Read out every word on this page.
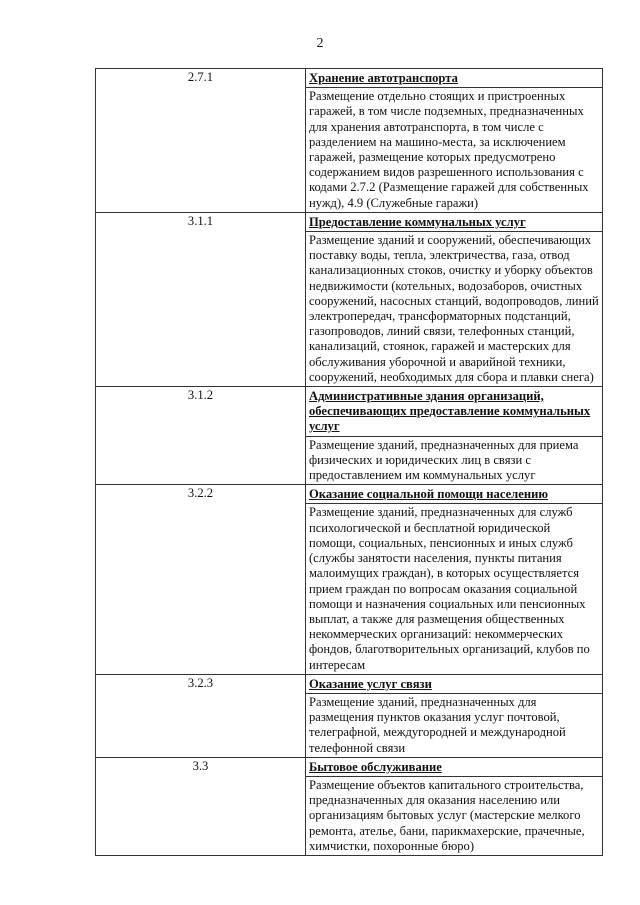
2
2.7.1	Хранение автотранспорта
Размещение отдельно стоящих и пристроенных гаражей, в том числе подземных, предназначенных для хранения автотранспорта, в том числе с разделением на машино-места, за исключением гаражей, размещение которых предусмотрено содержанием видов разрешенного использования с кодами 2.7.2 (Размещение гаражей для собственных нужд), 4.9 (Служебные гаражи)

3.1.1	Предоставление коммунальных услуг
Размещение зданий и сооружений, обеспечивающих поставку воды, тепла, электричества, газа, отвод канализационных стоков, очистку и уборку объектов недвижимости (котельных, водозаборов, очистных сооружений, насосных станций, водопроводов, линий электропередач, трансформаторных подстанций, газопроводов, линий связи, телефонных станций, канализаций, стоянок, гаражей и мастерских для обслуживания уборочной и аварийной техники, сооружений, необходимых для сбора и плавки снега)

3.1.2	Административные здания организаций, обеспечивающих предоставление коммунальных услуг
Размещение зданий, предназначенных для приема физических и юридических лиц в связи с предоставлением им коммунальных услуг

3.2.2	Оказание социальной помощи населению
Размещение зданий, предназначенных для служб психологической и бесплатной юридической помощи, социальных, пенсионных и иных служб (службы занятости населения, пункты питания малоимущих граждан), в которых осуществляется прием граждан по вопросам оказания социальной помощи и назначения социальных или пенсионных выплат, а также для размещения общественных некоммерческих организаций: некоммерческих фондов, благотворительных организаций, клубов по интересам

3.2.3	Оказание услуг связи
Размещение зданий, предназначенных для размещения пунктов оказания услуг почтовой, телеграфной, междугородней и международной телефонной связи

3.3	Бытовое обслуживание
Размещение объектов капитального строительства, предназначенных для оказания населению или организациям бытовых услуг (мастерские мелкого ремонта, ателье, бани, парикмахерские, прачечные, химчистки, похоронные бюро)
